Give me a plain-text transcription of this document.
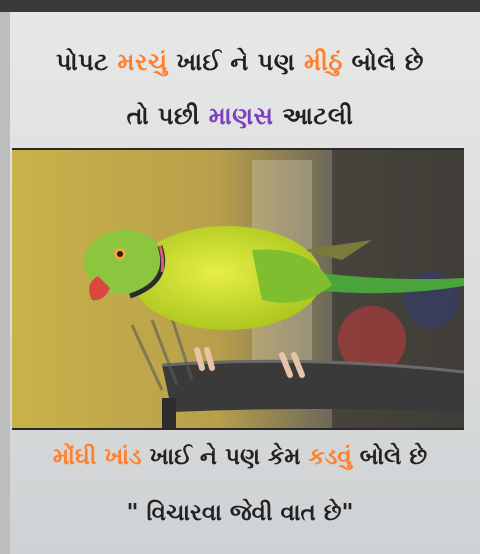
પોપટ મરચું ખાઈ ને પણ મીઠું બોલે છે
તો પછી માણસ આટલી
મોંઘી ખાંડ ખાઈ ને પણ કેમ કડવું બોલે છે
" વિચારવા જેવી વાત છે"
